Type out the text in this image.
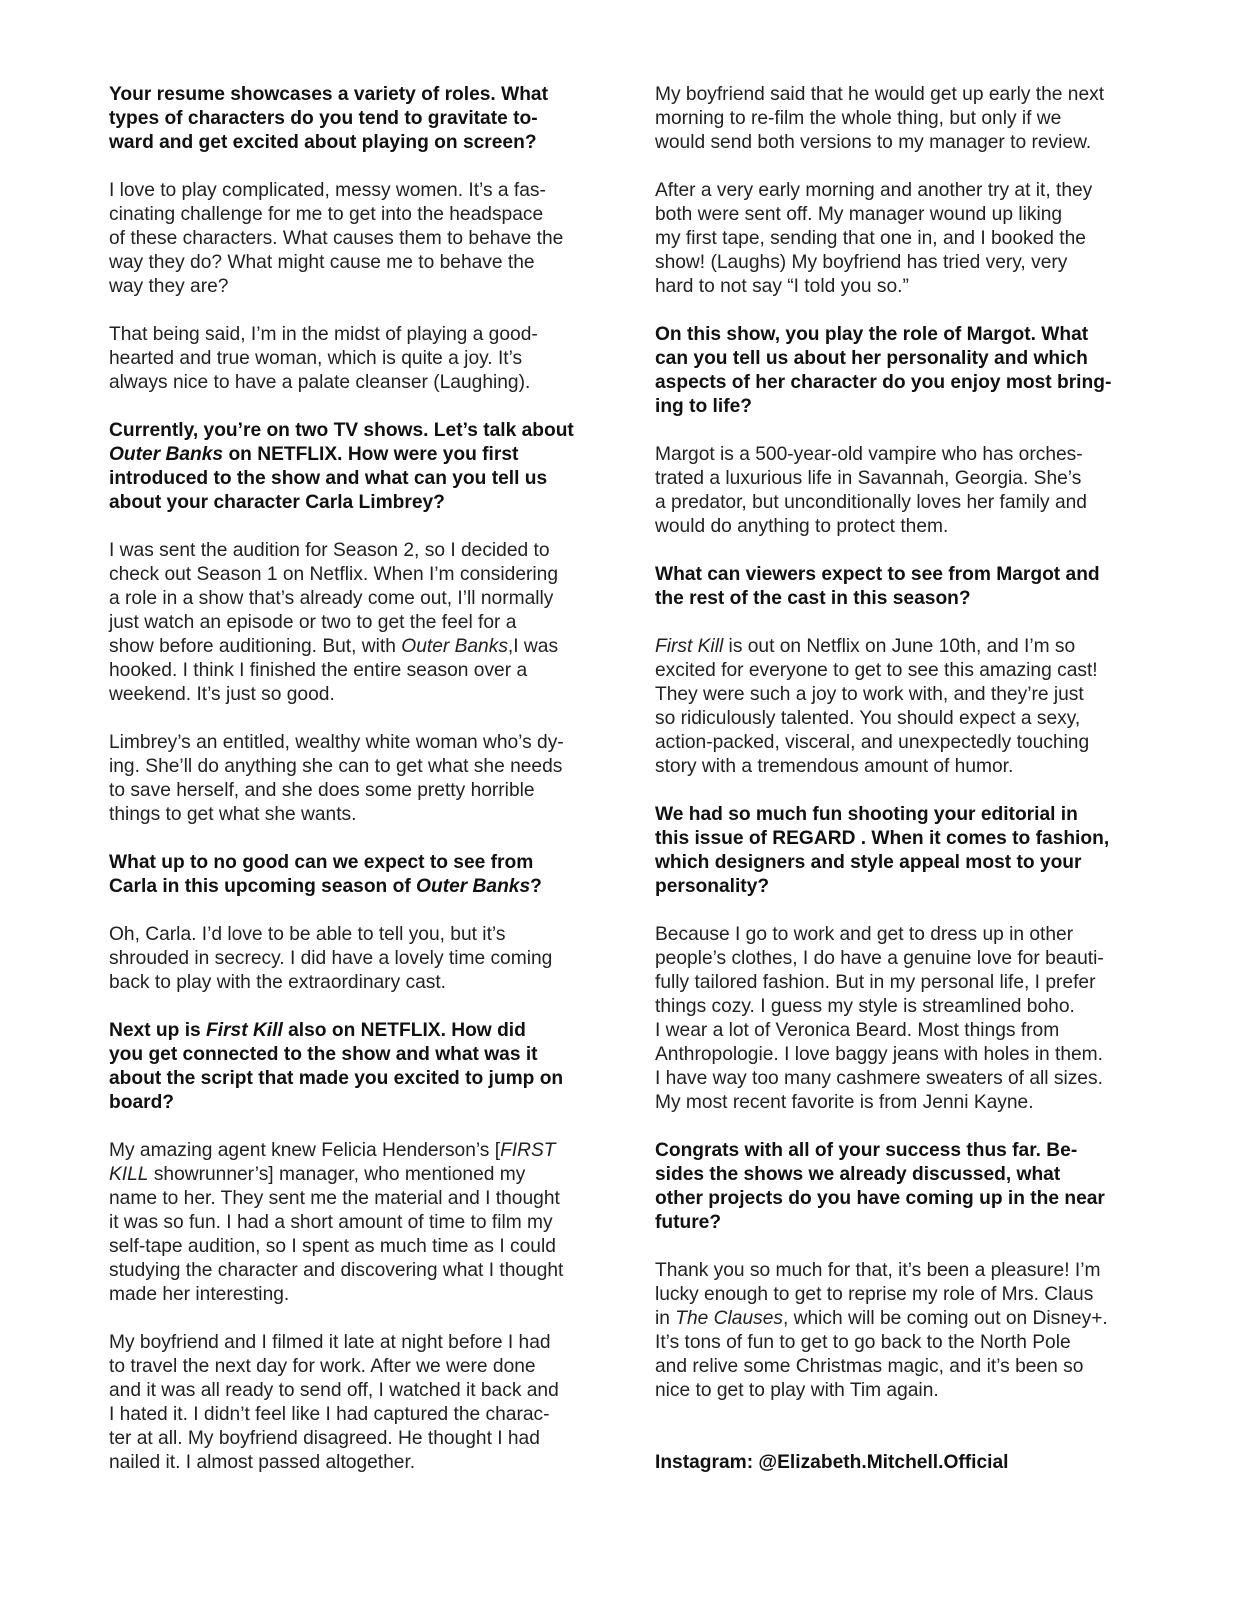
Your resume showcases a variety of roles. What
types of characters do you tend to gravitate to-
ward and get excited about playing on screen?
I love to play complicated, messy women. It’s a fas-
cinating challenge for me to get into the headspace
of these characters. What causes them to behave the
way they do? What might cause me to behave the
way they are?
That being said, I’m in the midst of playing a good-
hearted and true woman, which is quite a joy. It’s
always nice to have a palate cleanser (Laughing).
Currently, you’re on two TV shows. Let’s talk about
Outer Banks on NETFLIX. How were you first
introduced to the show and what can you tell us
about your character Carla Limbrey?
I was sent the audition for Season 2, so I decided to
check out Season 1 on Netflix. When I’m considering
a role in a show that’s already come out, I’ll normally
just watch an episode or two to get the feel for a
show before auditioning. But, with Outer Banks,I was
hooked. I think I finished the entire season over a
weekend. It’s just so good.
Limbrey’s an entitled, wealthy white woman who’s dy-
ing. She’ll do anything she can to get what she needs
to save herself, and she does some pretty horrible
things to get what she wants.
What up to no good can we expect to see from
Carla in this upcoming season of Outer Banks?
Oh, Carla. I’d love to be able to tell you, but it’s
shrouded in secrecy. I did have a lovely time coming
back to play with the extraordinary cast.
Next up is First Kill also on NETFLIX. How did
you get connected to the show and what was it
about the script that made you excited to jump on
board?
My amazing agent knew Felicia Henderson’s [FIRST
KILL showrunner’s] manager, who mentioned my
name to her. They sent me the material and I thought
it was so fun. I had a short amount of time to film my
self-tape audition, so I spent as much time as I could
studying the character and discovering what I thought
made her interesting.
My boyfriend and I filmed it late at night before I had
to travel the next day for work. After we were done
and it was all ready to send off, I watched it back and
I hated it. I didn’t feel like I had captured the charac-
ter at all. My boyfriend disagreed. He thought I had
nailed it. I almost passed altogether.
My boyfriend said that he would get up early the next
morning to re-film the whole thing, but only if we
would send both versions to my manager to review.
After a very early morning and another try at it, they
both were sent off. My manager wound up liking
my first tape, sending that one in, and I booked the
show! (Laughs) My boyfriend has tried very, very
hard to not say “I told you so.”
On this show, you play the role of Margot. What
can you tell us about her personality and which
aspects of her character do you enjoy most bring-
ing to life?
Margot is a 500-year-old vampire who has orches-
trated a luxurious life in Savannah, Georgia. She’s
a predator, but unconditionally loves her family and
would do anything to protect them.
What can viewers expect to see from Margot and
the rest of the cast in this season?
First Kill is out on Netflix on June 10th, and I’m so
excited for everyone to get to see this amazing cast!
They were such a joy to work with, and they’re just
so ridiculously talented. You should expect a sexy,
action-packed, visceral, and unexpectedly touching
story with a tremendous amount of humor.
We had so much fun shooting your editorial in
this issue of REGARD . When it comes to fashion,
which designers and style appeal most to your
personality?
Because I go to work and get to dress up in other
people’s clothes, I do have a genuine love for beauti-
fully tailored fashion. But in my personal life, I prefer
things cozy. I guess my style is streamlined boho.
I wear a lot of Veronica Beard. Most things from
Anthropologie. I love baggy jeans with holes in them.
I have way too many cashmere sweaters of all sizes.
My most recent favorite is from Jenni Kayne.
Congrats with all of your success thus far. Be-
sides the shows we already discussed, what
other projects do you have coming up in the near
future?
Thank you so much for that, it’s been a pleasure! I’m
lucky enough to get to reprise my role of Mrs. Claus
in The Clauses, which will be coming out on Disney+.
It’s tons of fun to get to go back to the North Pole
and relive some Christmas magic, and it’s been so
nice to get to play with Tim again.
Instagram: @Elizabeth.Mitchell.Official
